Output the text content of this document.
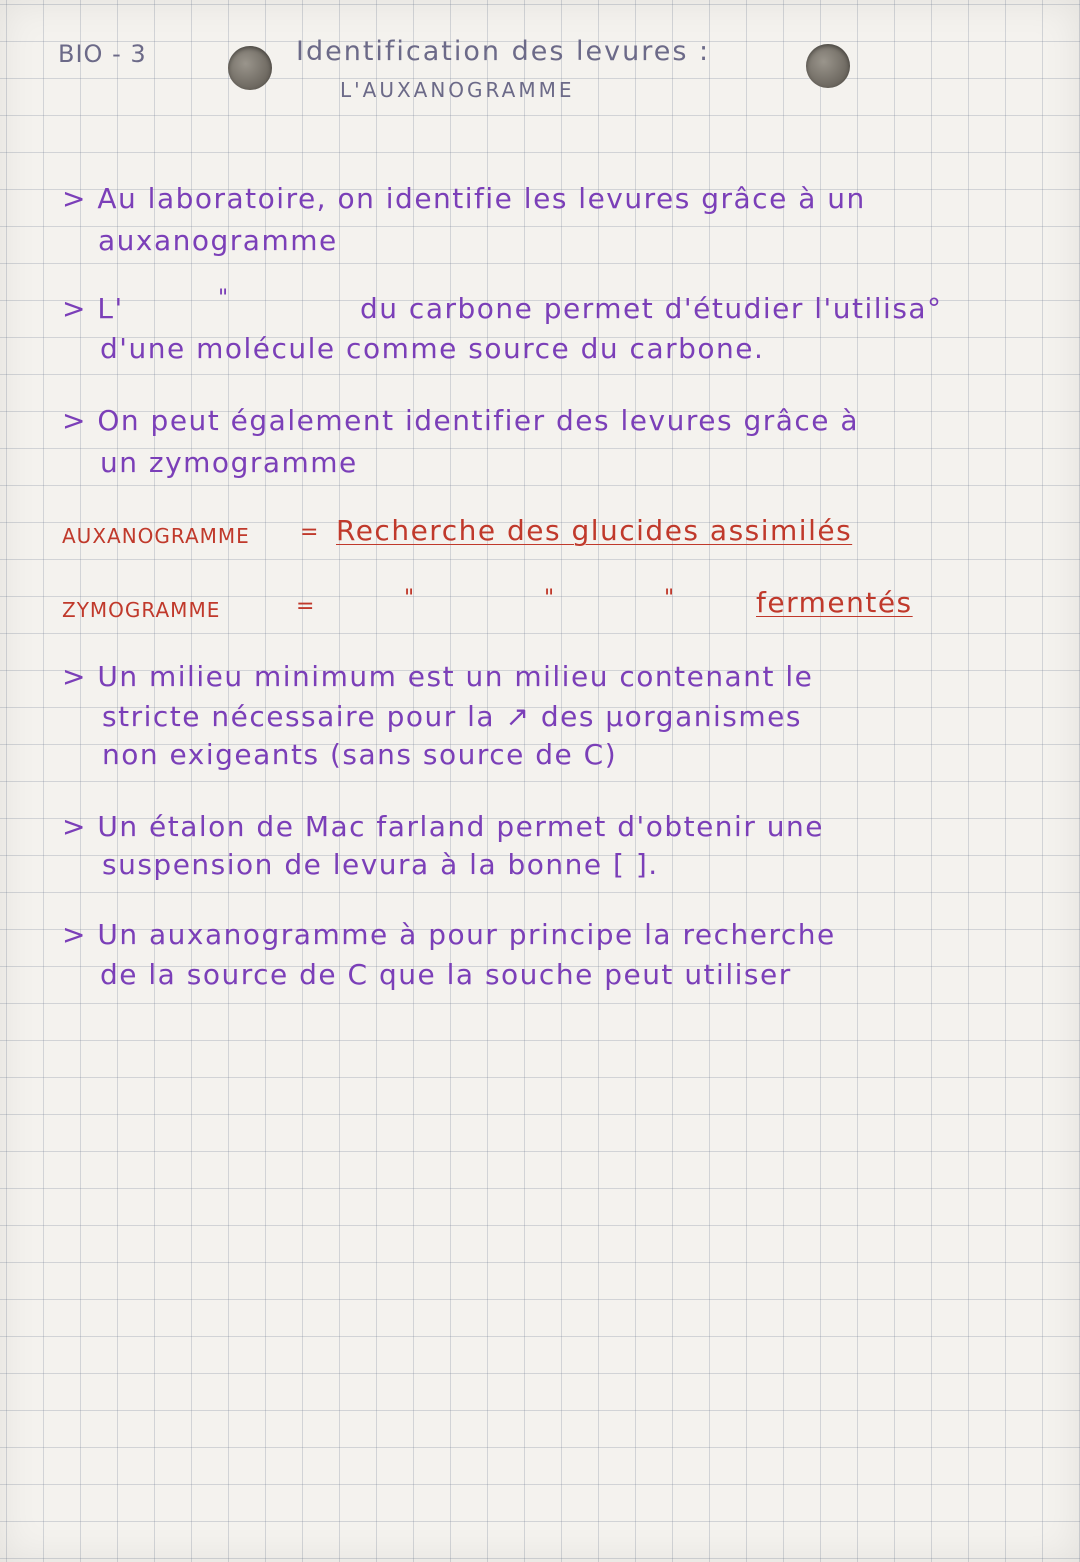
BIO - 3	Identification des levures :

L'AUXANOGRAMME

> Au laboratoire, on identifie les levures grâce à un

auxanogramme

> L'	"	du carbone permet d'étudier l'utilisa°

d'une molécule comme source du carbone.

> On peut également identifier des levures grâce à

un zymogramme

AUXANOGRAMME = Recherche des glucides assimilés

ZYMOGRAMME	=	"	"	"	fermentés

> Un milieu minimum est un milieu contenant le

stricte nécessaire pour la ↗ des µorganismes

non exigeants (sans source de C)

> Un étalon de Mac farland permet d'obtenir une

suspension de levura à la bonne [ ].

> Un auxanogramme à pour principe la recherche

de la source de C que la souche peut utiliser
